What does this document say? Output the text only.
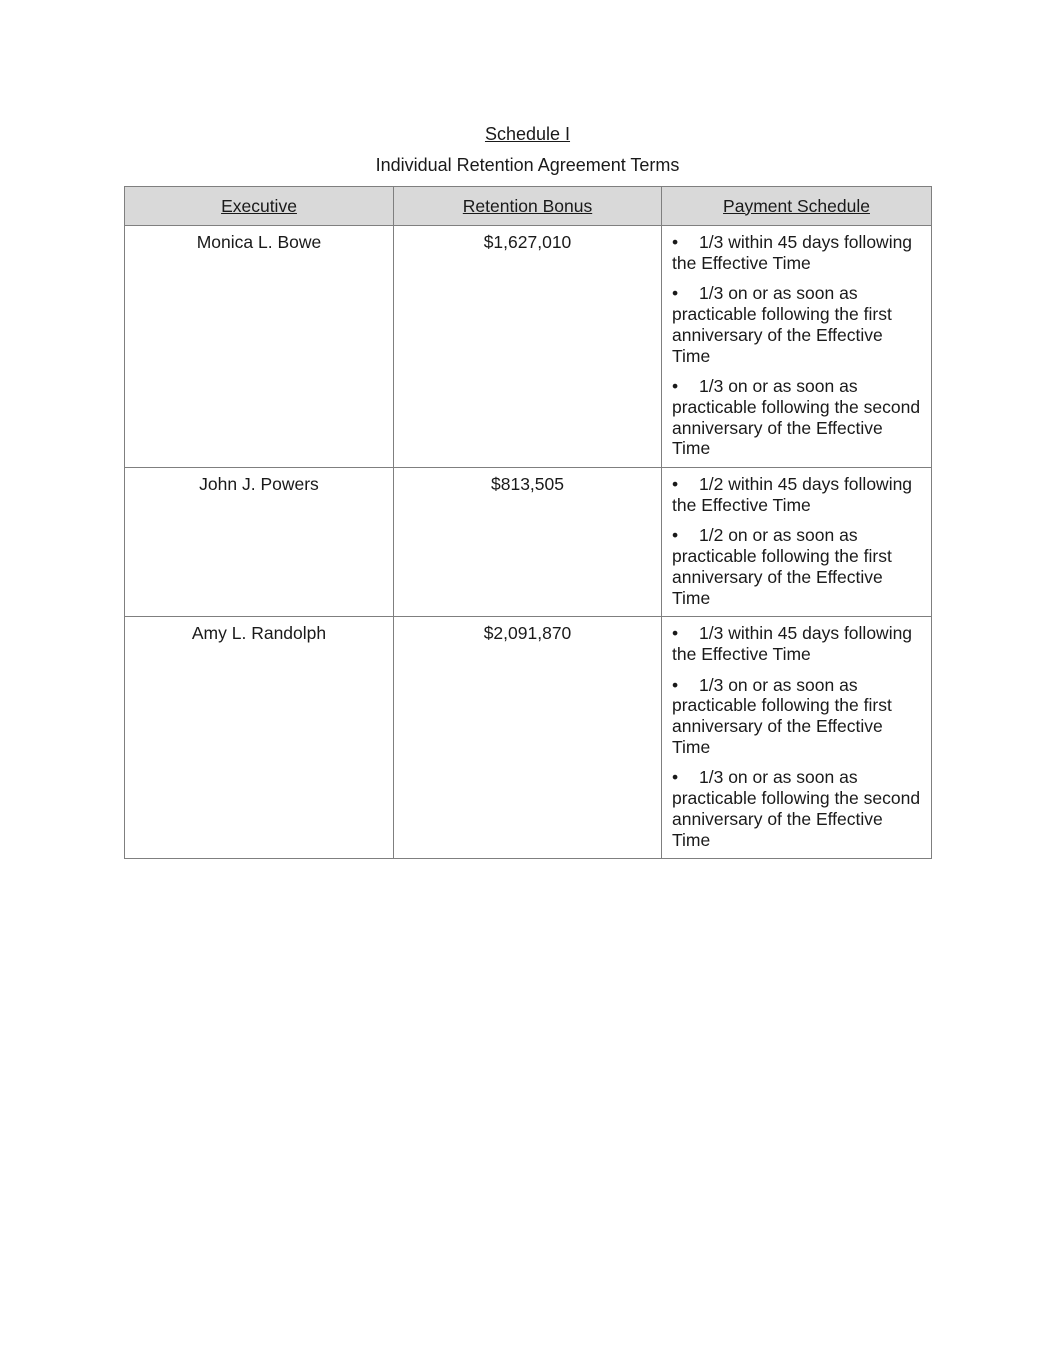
Schedule I
Individual Retention Agreement Terms
Executive	Retention Bonus	Payment Schedule
Monica L. Bowe	$1,627,010	• 1/3 within 45 days following the Effective Time
• 1/3 on or as soon as practicable following the first anniversary of the Effective Time
• 1/3 on or as soon as practicable following the second anniversary of the Effective Time

John J. Powers	$813,505	• 1/2 within 45 days following the Effective Time
• 1/2 on or as soon as practicable following the first anniversary of the Effective Time

Amy L. Randolph	$2,091,870	• 1/3 within 45 days following the Effective Time
• 1/3 on or as soon as practicable following the first anniversary of the Effective Time
• 1/3 on or as soon as practicable following the second anniversary of the Effective Time
